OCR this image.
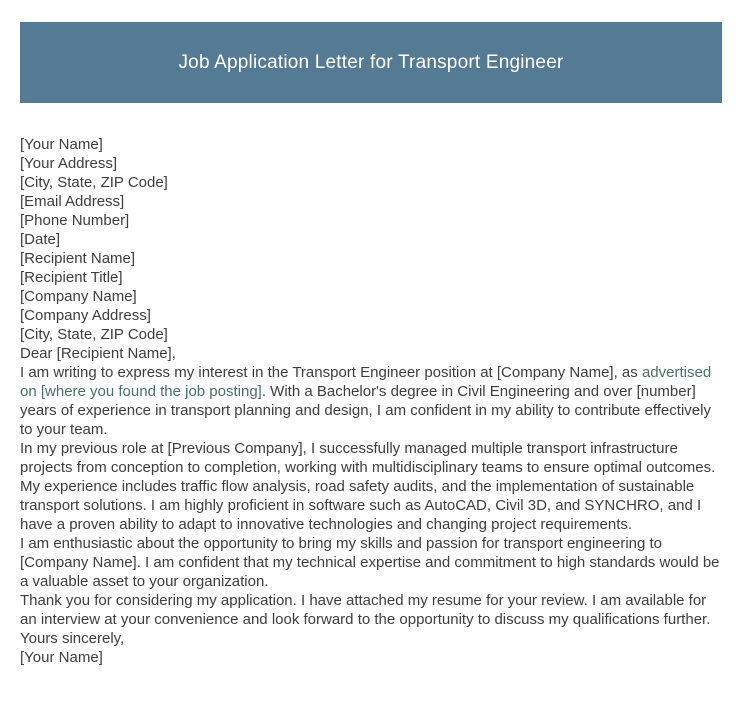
Job Application Letter for Transport Engineer
[Your Name]
[Your Address]
[City, State, ZIP Code]
[Email Address]
[Phone Number]
[Date]
[Recipient Name]
[Recipient Title]
[Company Name]
[Company Address]
[City, State, ZIP Code]
Dear [Recipient Name],

I am writing to express my interest in the Transport Engineer position at [Company Name], as advertised on [where you found the job posting]. With a Bachelor's degree in Civil Engineering and over [number] years of experience in transport planning and design, I am confident in my ability to contribute effectively to your team.

In my previous role at [Previous Company], I successfully managed multiple transport infrastructure projects from conception to completion, working with multidisciplinary teams to ensure optimal outcomes. My experience includes traffic flow analysis, road safety audits, and the implementation of sustainable transport solutions. I am highly proficient in software such as AutoCAD, Civil 3D, and SYNCHRO, and I have a proven ability to adapt to innovative technologies and changing project requirements.

I am enthusiastic about the opportunity to bring my skills and passion for transport engineering to [Company Name]. I am confident that my technical expertise and commitment to high standards would be a valuable asset to your organization.

Thank you for considering my application. I have attached my resume for your review. I am available for an interview at your convenience and look forward to the opportunity to discuss my qualifications further.

Yours sincerely,
[Your Name]
